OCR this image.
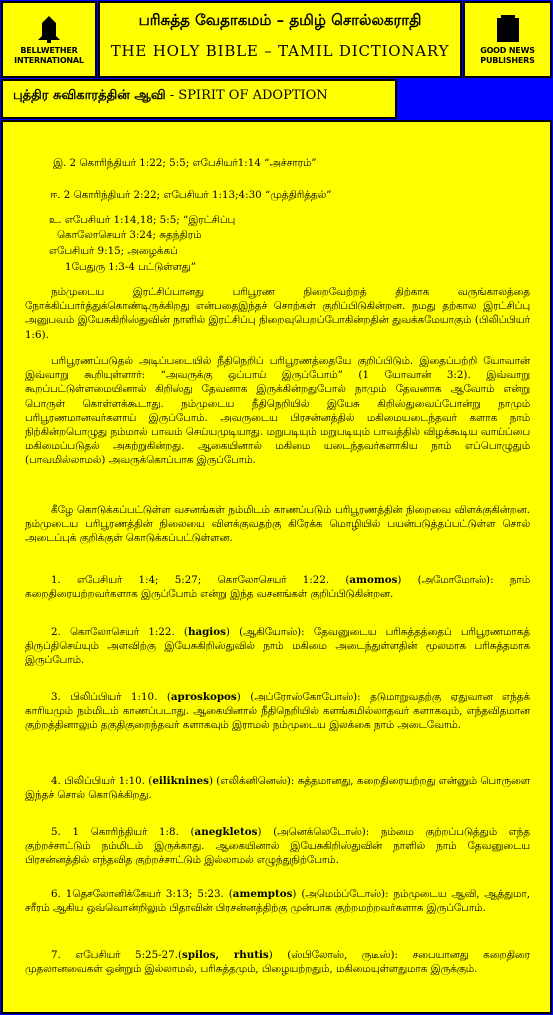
BELLWETHER
INTERNATIONAL
பரிசுத்த வேதாகமம் – தமிழ் சொல்லகராதி
THE HOLY BIBLE – TAMIL DICTIONARY	GOOD NEWS
PUBLISHERS
புத்திர சுவிகாரத்தின் ஆவி - SPIRIT OF ADOPTION
இ. 2 கொரிந்தியர் 1:22; 5:5; எபேசியர்1:14 “அச்சாரம்”
ஈ. 2 கொரிந்தியர் 2:22; எபேசியர் 1:13;4:30 “முத்திரித்தல்”
உ. எபேசியர் 1:14,18; 5:5; “இரட்சிப்பு
கொலோசெயர் 3:24; சுதந்திரம்
எபேசியர் 9:15; அழைக்கப்
1பேதுரு 1:3-4 பட்டுள்ளது”
நம்முடைய இரட்சிப்பானது பரிபூரண நிறைவேற்றத் திற்காக வருங்காலத்தை நோக்கிப்பார்த்துக்கொண்டிருக்கிறது என்பதைஇந்தச் சொற்கள் குறிப்பிடுகின்றன. நமது தற்கால இரட்சிப்பு அனுபவம் இயேசுகிறிஸ்துவின் நாளில் இரட்சிப்பு நிறைவுபெறப்போகின்றதின் துவக்கமேயாகும் (பிலிப்பியர் 1:6).
பரிபூரணப்படுதல் அடிப்படையில் நீதிநெறிப் பரிபூரணத்தையே குறிப்பிடும். இதைப்பற்றி யோவான் இவ்வாறு கூறியுள்ளார்: “அவருக்கு ஒப்பாய் இருப்போம்” (1 யோவான் 3:2). இவ்வாறு கூறப்பட்டுள்ளமையினால் கிறிஸ்து தேவனாக இருக்கின்றதுபோல் நாமும் தேவனாக ஆவோம் என்று பொருள் கொள்ளக்கூடாது. நம்முடைய நீதிநெறியில் இயேசு கிறிஸ்துவைப்போன்று நாமும் பரிபூரணமானவர்களாய் இருப்போம். அவருடைய பிரசன்னத்தில் மகிமையடைந்தவர் களாக நாம் நிற்கின்றபொழுது நம்மால் பாவம் செய்யமுடியாது. மறுபடியும் மறுபடியும் பாவத்தில் விழக்கூடிய வாய்ப்பை மகிமைப்படுதல் அகற்றுகின்றது. ஆகையினால் மகிமை யடைந்தவர்களாகிய நாம் எப்பொழுதும் (பாவமில்லாமல்) அவருக்கொப்பாக இருப்போம்.
கீழே கொடுக்கப்பட்டுள்ள வசனங்கள் நம்மிடம் காணப்படும் பரிபூரணத்தின் நிறைவை விளக்குகின்றன. நம்முடைய பரிபூரணத்தின் நிலையை விளக்குவதற்கு கிரேக்க மொழியில் பயன்படுத்தப்பட்டுள்ள சொல் அடைப்புக் குறிக்குள் கொடுக்கப்பட்டுள்ளன.
1. எபேசியர் 1:4; 5:27; கொலோசெயர் 1:22. (amomos) (அமோமோஸ்): நாம் கறைதிரையற்றவர்களாக இருப்போம் என்று இந்த வசனங்கள் குறிப்பிடுகின்றன.
2. கொலோசெயர் 1:22. (hagios) (ஆகியோஸ்): தேவனுடைய பரிசுத்தத்தைப் பரிபூரணமாகத் திருப்திசெய்யும் அளவிற்கு இயேசுகிறிஸ்துவில் நாம் மகிமை அடைந்துள்ளதின் மூலமாக பரிசுத்தமாக இருப்போம்.
3. பிலிப்பியர் 1:10. (aproskopos) (அப்ரோஸ்கோபோஸ்): தடுமாறுவதற்கு ஏதுவான எந்தக் காரியமும் நம்மிடம் காணப்படாது. ஆகையினால் நீதிநெறியில் களங்கமில்லாதவர் களாகவும், எந்தவிதமான குற்றத்தினாலும் தகுதிகுறைந்தவர் களாகவும் இராமல் நம்முடைய இலக்கை நாம் அடைவோம்.
4. பிலிப்பியர் 1:10. (eiliknines) (எலிக்னினெஸ்): சுத்தமானது, கறைதிரையற்றது என்னும் பொருளை இந்தச் சொல் கொடுக்கிறது.
5. 1 கொரிந்தியர் 1:8. (anegkletos) (அனெக்லெடோஸ்): நம்மை குற்றப்படுத்தும் எந்த குற்றச்சாட்டும் நம்மிடம் இருக்காது. ஆகையினால் இயேசுகிறிஸ்துவின் நாளில் நாம் தேவனுடைய பிரசன்னத்தில் எந்தவித குற்றச்சாட்டும் இல்லாமல் எழுந்துநிற்போம்.
6. 1தெசலோனிக்கேயர் 3:13; 5:23. (amemptos) (அமெம்ப்டோஸ்): நம்முடைய ஆவி, ஆத்துமா, சரீரம் ஆகிய ஒவ்வொன்றிலும் பிதாவின் பிரசன்னத்திற்கு முன்பாக குற்றமற்றவர்களாக இருப்போம்.
7. எபேசியர் 5:25-27.(spilos, rhutis) (ஸ்பிலோஸ், ருடீஸ்): சபையானது கறைதிரை முதலானவைகள் ஒன்றும் இல்லாமல், பரிசுத்தமும், பிழையற்றதும், மகிமையுள்ளதுமாக இருக்கும்.
